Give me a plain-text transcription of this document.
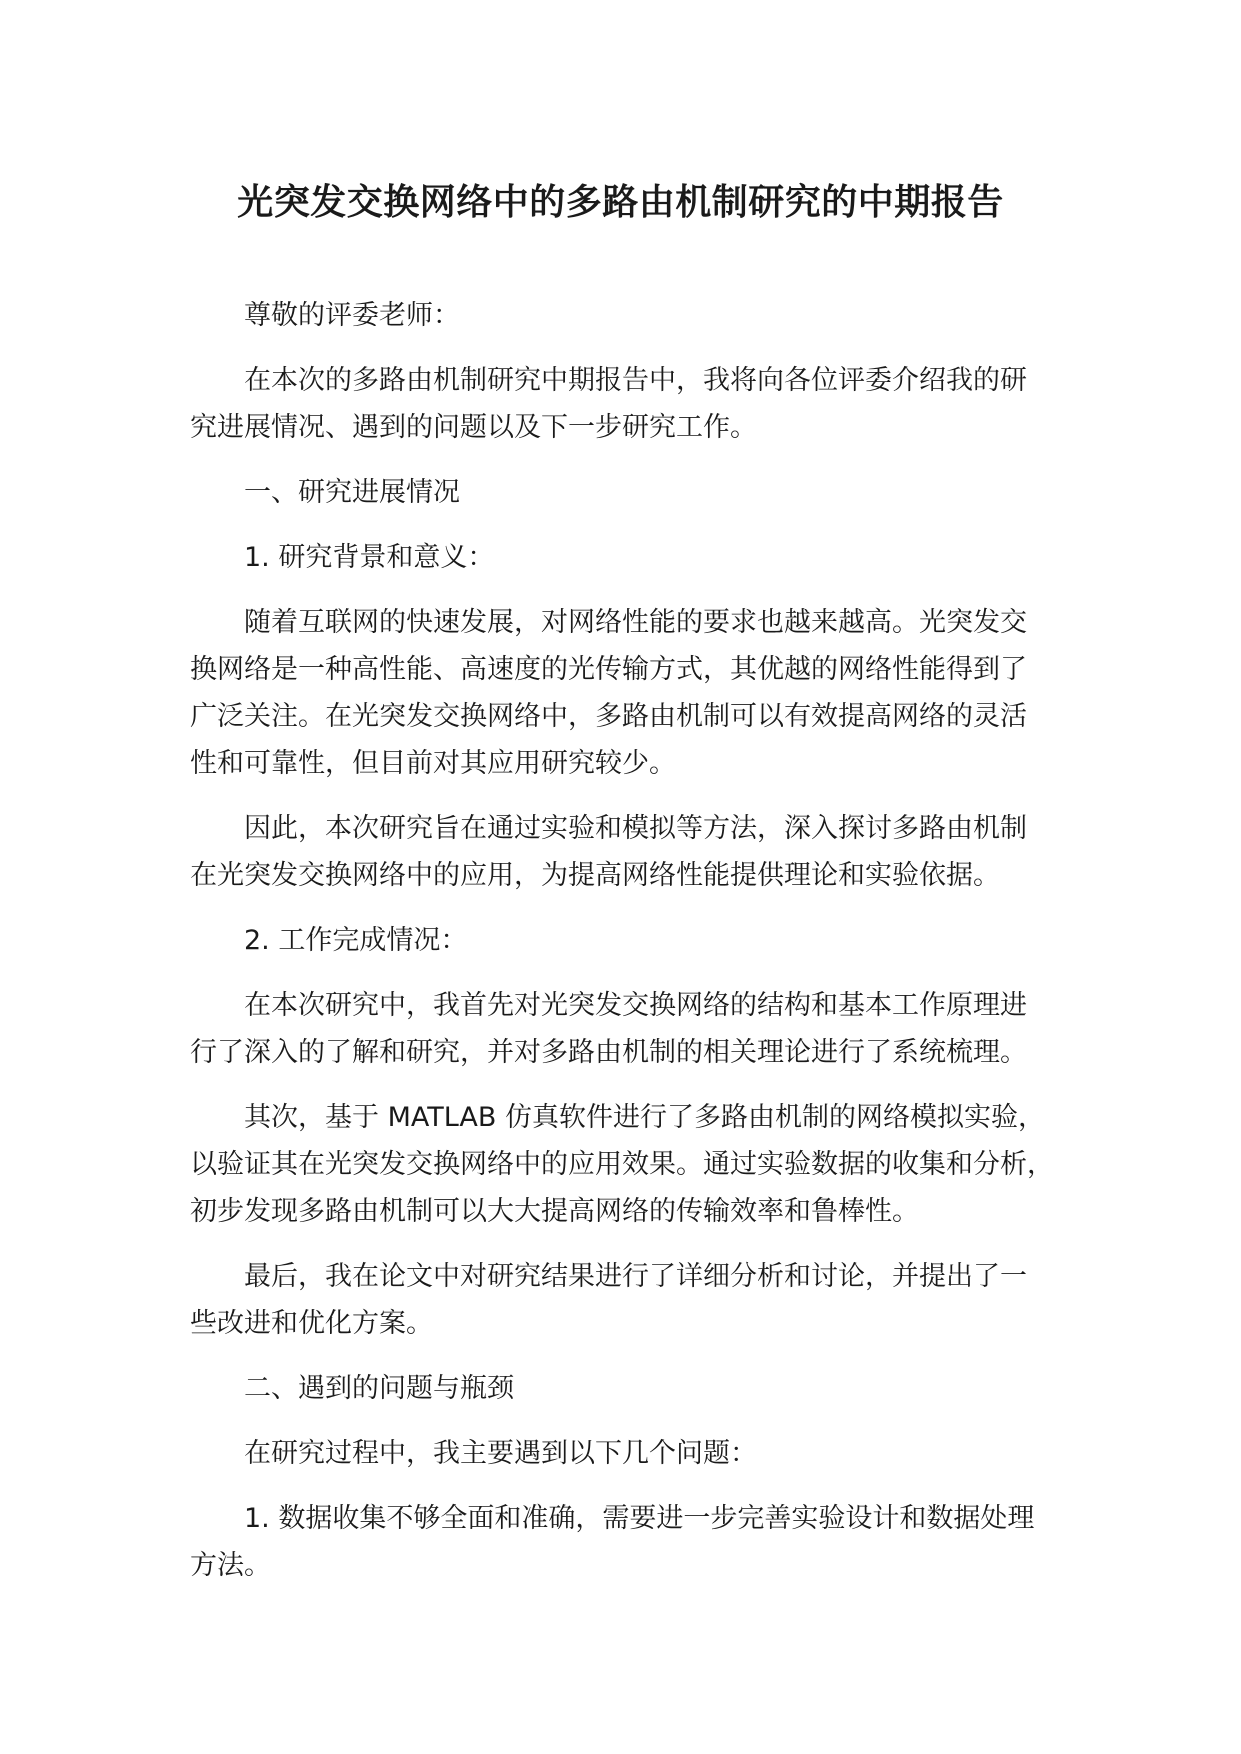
光突发交换网络中的多路由机制研究的中期报告
尊敬的评委老师：
在本次的多路由机制研究中期报告中，我将向各位评委介绍我的研
究进展情况、遇到的问题以及下一步研究工作。
一、研究进展情况
1. 研究背景和意义：
随着互联网的快速发展，对网络性能的要求也越来越高。光突发交
换网络是一种高性能、高速度的光传输方式，其优越的网络性能得到了
广泛关注。在光突发交换网络中，多路由机制可以有效提高网络的灵活
性和可靠性，但目前对其应用研究较少。
因此，本次研究旨在通过实验和模拟等方法，深入探讨多路由机制
在光突发交换网络中的应用，为提高网络性能提供理论和实验依据。
2. 工作完成情况：
在本次研究中，我首先对光突发交换网络的结构和基本工作原理进
行了深入的了解和研究，并对多路由机制的相关理论进行了系统梳理。
其次，基于 MATLAB 仿真软件进行了多路由机制的网络模拟实验，
以验证其在光突发交换网络中的应用效果。通过实验数据的收集和分析，
初步发现多路由机制可以大大提高网络的传输效率和鲁棒性。
最后，我在论文中对研究结果进行了详细分析和讨论，并提出了一
些改进和优化方案。
二、遇到的问题与瓶颈
在研究过程中，我主要遇到以下几个问题：
1. 数据收集不够全面和准确，需要进一步完善实验设计和数据处理
方法。
